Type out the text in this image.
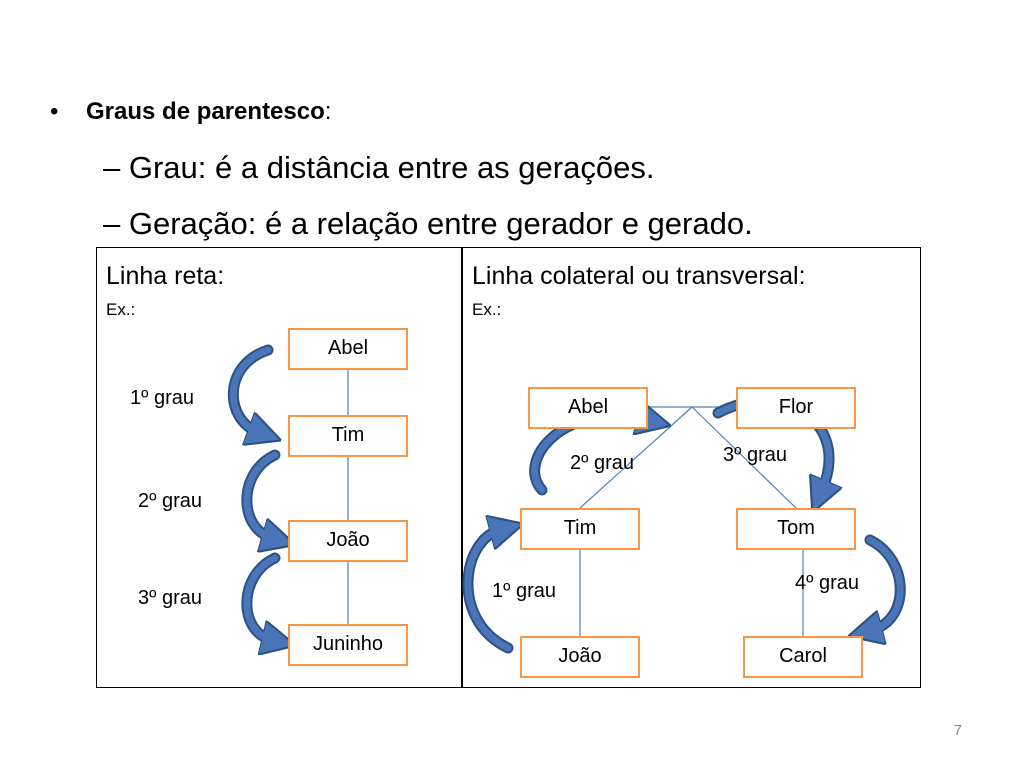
• Graus de parentesco:
– Grau: é a distância entre as gerações.
– Geração: é a relação entre gerador e gerado.
Linha reta:
Ex.:
Abel
Tim
João
Juninho
1º grau
2º grau
3º grau
Linha colateral ou transversal:
Ex.:
Abel	Flor
Tim	Tom
João	Carol
2º grau	3º grau
1º grau	4º grau
7
